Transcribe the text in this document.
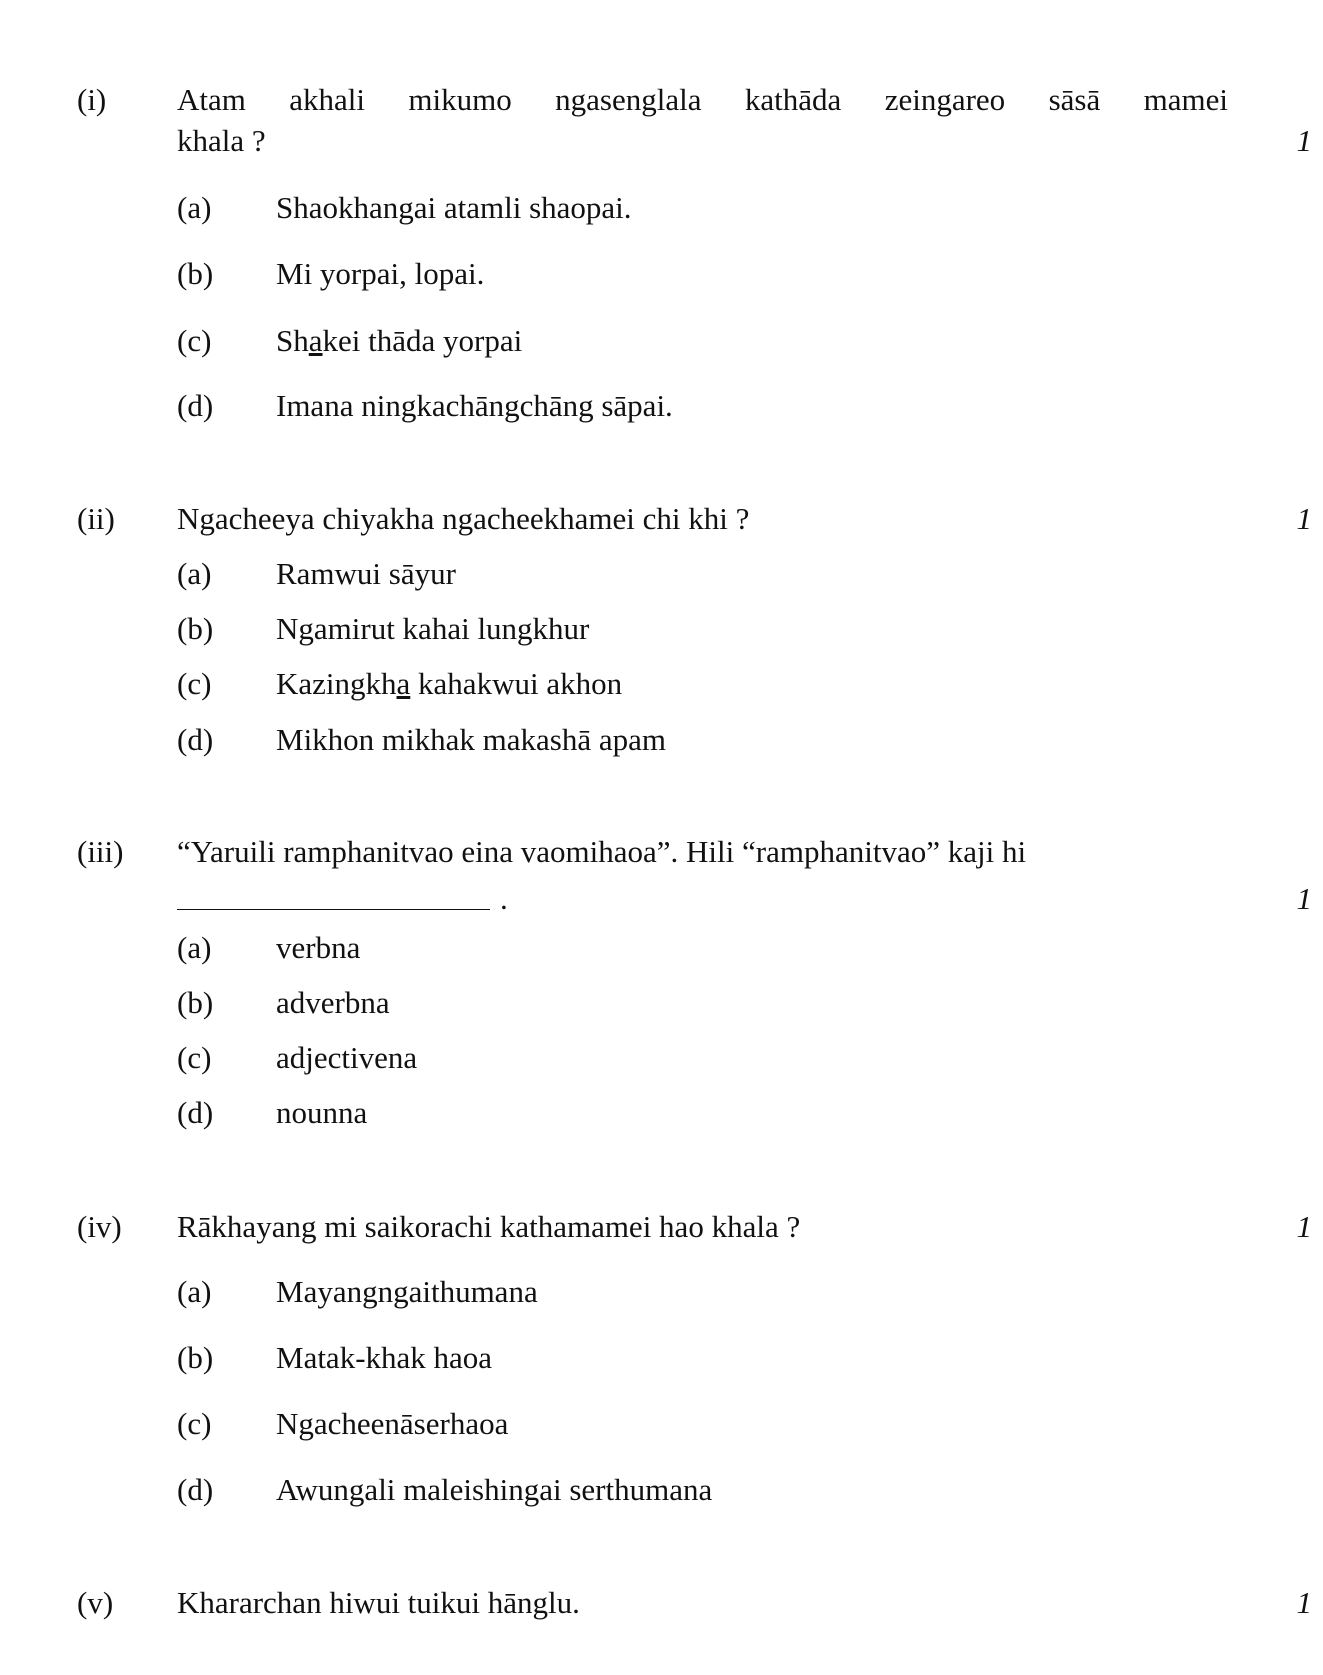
(i) Atam akhali mikumo ngasenglala kathāda zeingareo sāsā mamei
khala ?	1
(a) Shaokhangai atamli shaopai.
(b) Mi yorpai, lopai.
(c) Shakei thāda yorpai
(d) Imana ningkachāngchāng sāpai.
(ii) Ngacheeya chiyakha ngacheekhamei chi khi ?	1
(a) Ramwui sāyur
(b) Ngamirut kahai lungkhur
(c) Kazingkha kahakwui akhon
(d) Mikhon mikhak makashā apam
(iii) “Yaruili ramphanitvao eina vaomihaoa”. Hili “ramphanitvao” kaji hi
.	1
(a) verbna
(b) adverbna
(c) adjectivena
(d) nounna
(iv) Rākhayang mi saikorachi kathamamei hao khala ?	1
(a) Mayangngaithumana
(b) Matak-khak haoa
(c) Ngacheenāserhaoa
(d) Awungali maleishingai serthumana
(v) Khararchan hiwui tuikui hānglu.	1
